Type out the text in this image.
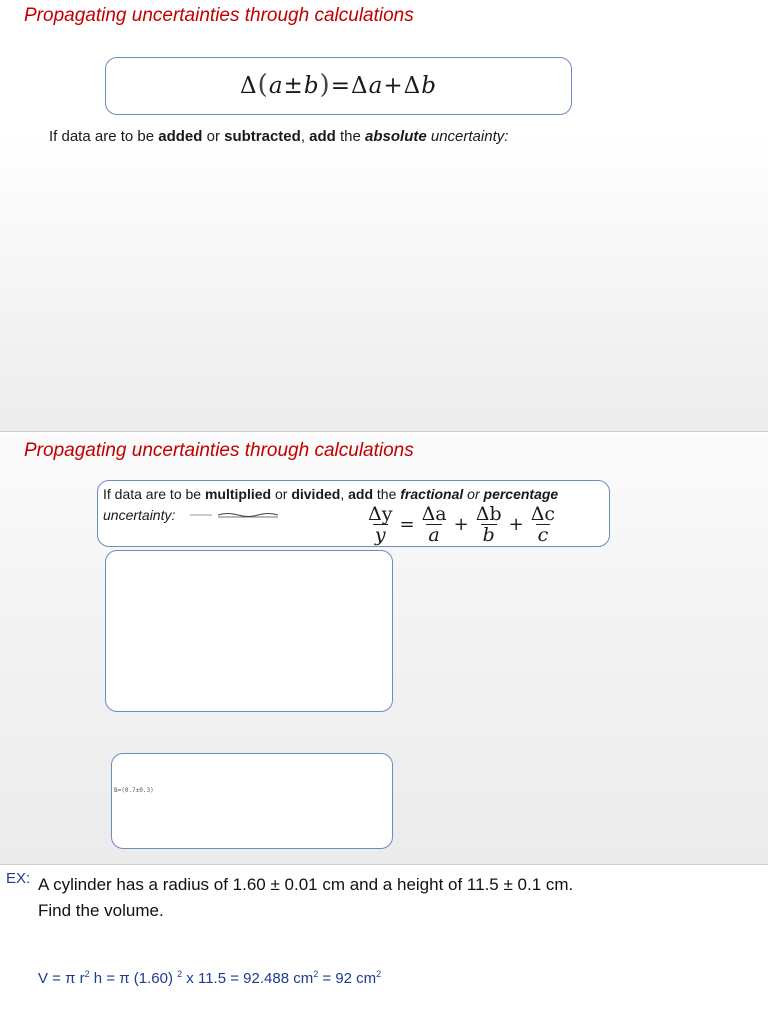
Propagating uncertainties through calculations
Δ(a±b)=Δa+Δb
If data are to be added or subtracted, add the absolute uncertainty:
Propagating uncertainties through calculations
If data are to be multiplied or divided, add the fractional or percentage
uncertainty:	$\frac{\Delta y}{y} = \frac{\Delta a}{a} + \frac{\Delta b}{b} + \frac{\Delta c}{c}$
B=(0.7±0.3)
EX: A cylinder has a radius of 1.60 ± 0.01 cm and a height of 11.5 ± 0.1 cm.
Find the volume.
V = π $r^2$ h = π (1.60) $^2$ x 11.5 = 92.488 $cm^2 = 92$ $cm^2$
